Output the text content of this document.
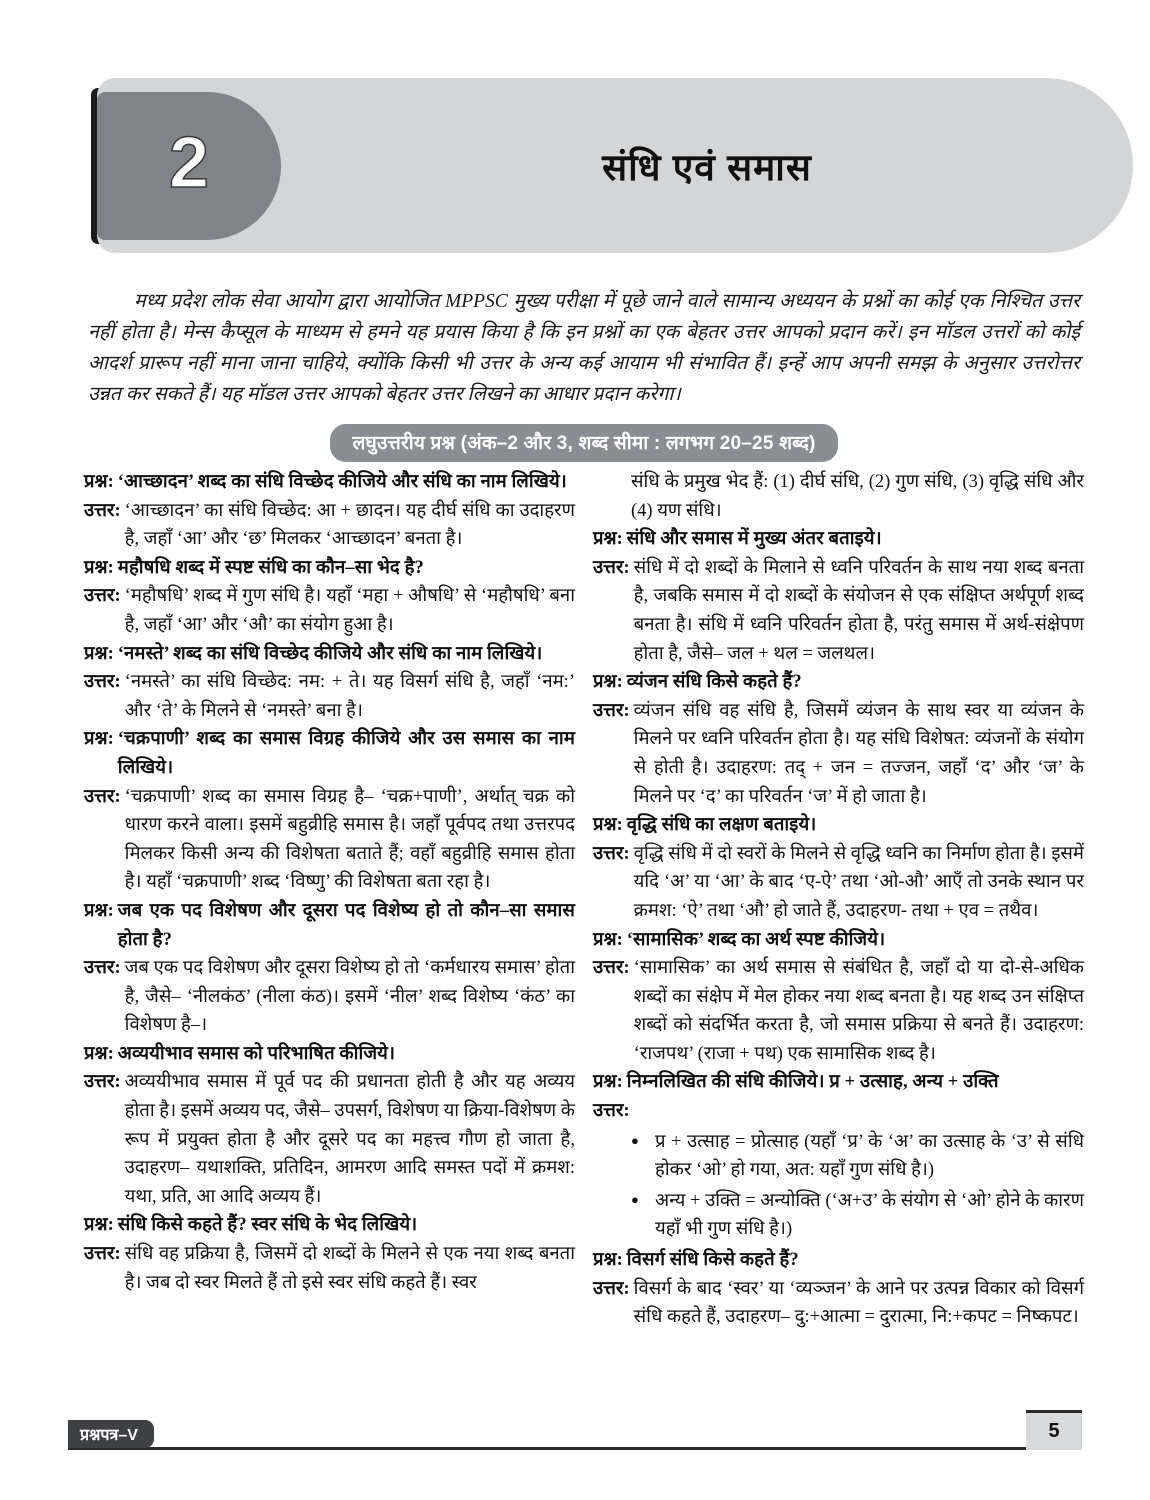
2	संधि एवं समास
मध्य प्रदेश लोक सेवा आयोग द्वारा आयोजित MPPSC मुख्य परीक्षा में पूछे जाने वाले सामान्य अध्ययन के प्रश्नों का कोई एक निश्चित उत्तर नहीं होता है। मेन्स कैप्सूल के माध्यम से हमने यह प्रयास किया है कि इन प्रश्नों का एक बेहतर उत्तर आपको प्रदान करें। इन मॉडल उत्तरों को कोई आदर्श प्रारूप नहीं माना जाना चाहिये, क्योंकि किसी भी उत्तर के अन्य कई आयाम भी संभावित हैं। इन्हें आप अपनी समझ के अनुसार उत्तरोत्तर उन्नत कर सकते हैं। यह मॉडल उत्तर आपको बेहतर उत्तर लिखने का आधार प्रदान करेगा।
लघुउत्तरीय प्रश्न (अंक–2 और 3, शब्द सीमा : लगभग 20–25 शब्द)
प्रश्न: ‘आच्छादन’ शब्द का संधि विच्छेद कीजिये और संधि का नाम लिखिये।
उत्तर: ‘आच्छादन’ का संधि विच्छेद: आ + छादन। यह दीर्घ संधि का उदाहरण है, जहाँ ‘आ’ और ‘छ’ मिलकर ‘आच्छादन’ बनता है।
प्रश्न: महौषधि शब्द में स्पष्ट संधि का कौन–सा भेद है?
उत्तर: ‘महौषधि’ शब्द में गुण संधि है। यहाँ ‘महा + औषधि’ से ‘महौषधि’ बना है, जहाँ ‘आ’ और ‘औ’ का संयोग हुआ है।
प्रश्न: ‘नमस्ते’ शब्द का संधि विच्छेद कीजिये और संधि का नाम लिखिये।
उत्तर: ‘नमस्ते’ का संधि विच्छेद: नम: + ते। यह विसर्ग संधि है, जहाँ ‘नम:’ और ‘ते’ के मिलने से ‘नमस्ते’ बना है।
प्रश्न: ‘चक्रपाणी’ शब्द का समास विग्रह कीजिये और उस समास का नाम लिखिये।
उत्तर: ‘चक्रपाणी’ शब्द का समास विग्रह है– ‘चक्र+पाणी’, अर्थात् चक्र को धारण करने वाला। इसमें बहुव्रीहि समास है। जहाँ पूर्वपद तथा उत्तरपद मिलकर किसी अन्य की विशेषता बताते हैं; वहाँ बहुव्रीहि समास होता है। यहाँ ‘चक्रपाणी’ शब्द ‘विष्णु’ की विशेषता बता रहा है।
प्रश्न: जब एक पद विशेषण और दूसरा पद विशेष्य हो तो कौन–सा समास होता है?
उत्तर: जब एक पद विशेषण और दूसरा विशेष्य हो तो ‘कर्मधारय समास’ होता है, जैसे– ‘नीलकंठ’ (नीला कंठ)। इसमें ‘नील’ शब्द विशेष्य ‘कंठ’ का विशेषण है–।
प्रश्न: अव्ययीभाव समास को परिभाषित कीजिये।
उत्तर: अव्ययीभाव समास में पूर्व पद की प्रधानता होती है और यह अव्यय होता है। इसमें अव्यय पद, जैसे– उपसर्ग, विशेषण या क्रिया-विशेषण के रूप में प्रयुक्त होता है और दूसरे पद का महत्त्व गौण हो जाता है, उदाहरण– यथाशक्ति, प्रतिदिन, आमरण आदि समस्त पदों में क्रमश: यथा, प्रति, आ आदि अव्यय हैं।
प्रश्न: संधि किसे कहते हैं? स्वर संधि के भेद लिखिये।
उत्तर: संधि वह प्रक्रिया है, जिसमें दो शब्दों के मिलने से एक नया शब्द बनता है। जब दो स्वर मिलते हैं तो इसे स्वर संधि कहते हैं। स्वर
संधि के प्रमुख भेद हैं: (1) दीर्घ संधि, (2) गुण संधि, (3) वृद्धि संधि और (4) यण संधि।
प्रश्न: संधि और समास में मुख्य अंतर बताइये।
उत्तर: संधि में दो शब्दों के मिलाने से ध्वनि परिवर्तन के साथ नया शब्द बनता है, जबकि समास में दो शब्दों के संयोजन से एक संक्षिप्त अर्थपूर्ण शब्द बनता है। संधि में ध्वनि परिवर्तन होता है, परंतु समास में अर्थ-संक्षेपण होता है, जैसे– जल + थल = जलथल।
प्रश्न: व्यंजन संधि किसे कहते हैं?
उत्तर: व्यंजन संधि वह संधि है, जिसमें व्यंजन के साथ स्वर या व्यंजन के मिलने पर ध्वनि परिवर्तन होता है। यह संधि विशेषत: व्यंजनों के संयोग से होती है। उदाहरण: तद् + जन = तज्जन, जहाँ ‘द’ और ‘ज’ के मिलने पर ‘द’ का परिवर्तन ‘ज’ में हो जाता है।
प्रश्न: वृद्धि संधि का लक्षण बताइये।
उत्तर: वृद्धि संधि में दो स्वरों के मिलने से वृद्धि ध्वनि का निर्माण होता है। इसमें यदि ‘अ’ या ‘आ’ के बाद ‘ए-ऐ’ तथा ‘ओ-औ’ आएँ तो उनके स्थान पर क्रमश: ‘ऐ’ तथा ‘औ’ हो जाते हैं, उदाहरण- तथा + एव = तथैव।
प्रश्न: ‘सामासिक’ शब्द का अर्थ स्पष्ट कीजिये।
उत्तर: ‘सामासिक’ का अर्थ समास से संबंधित है, जहाँ दो या दो-से-अधिक शब्दों का संक्षेप में मेल होकर नया शब्द बनता है। यह शब्द उन संक्षिप्त शब्दों को संदर्भित करता है, जो समास प्रक्रिया से बनते हैं। उदाहरण: ‘राजपथ’ (राजा + पथ) एक सामासिक शब्द है।
प्रश्न: निम्नलिखित की संधि कीजिये। प्र + उत्साह, अन्य + उक्ति
उत्तर:
● प्र + उत्साह = प्रोत्साह (यहाँ ‘प्र’ के ‘अ’ का उत्साह के ‘उ’ से संधि होकर ‘ओ’ हो गया, अत: यहाँ गुण संधि है।)
● अन्य + उक्ति = अन्योक्ति (‘अ+उ’ के संयोग से ‘ओ’ होने के कारण यहाँ भी गुण संधि है।)
प्रश्न: विसर्ग संधि किसे कहते हैं?
उत्तर: विसर्ग के बाद ‘स्वर’ या ‘व्यञ्जन’ के आने पर उत्पन्न विकार को विसर्ग संधि कहते हैं, उदाहरण– दु:+आत्मा = दुरात्मा, नि:+कपट = निष्कपट।
प्रश्नपत्र–V	5
